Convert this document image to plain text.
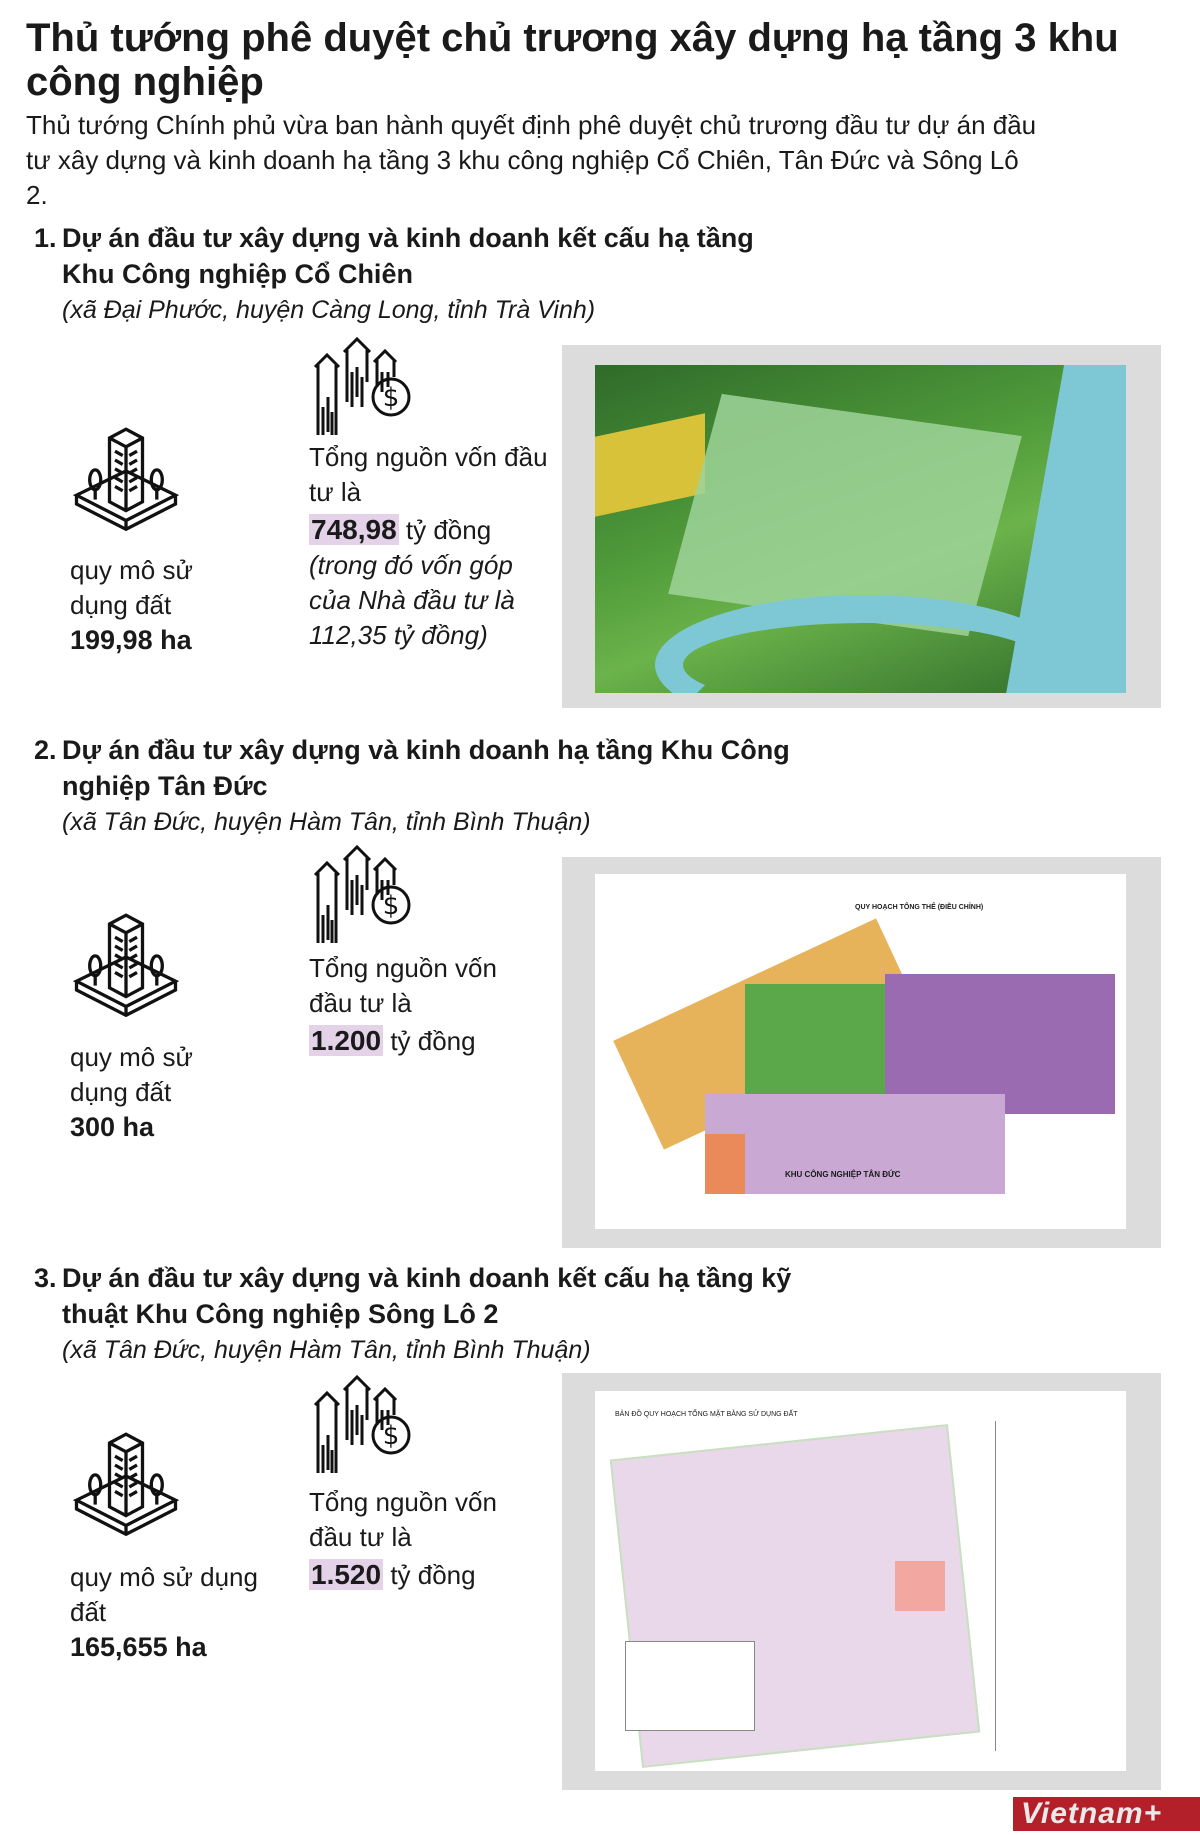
Thủ tướng phê duyệt chủ trương xây dựng hạ tầng 3 khu công nghiệp
Thủ tướng Chính phủ vừa ban hành quyết định phê duyệt chủ trương đầu tư dự án đầu tư xây dựng và kinh doanh hạ tầng 3 khu công nghiệp Cổ Chiên, Tân Đức và Sông Lô 2.
1. Dự án đầu tư xây dựng và kinh doanh kết cấu hạ tầng Khu Công nghiệp Cổ Chiên
(xã Đại Phước, huyện Càng Long, tỉnh Trà Vinh)
quy mô sử dụng đất
199,98 ha
Tổng nguồn vốn đầu tư là
748,98 tỷ đồng
(trong đó vốn góp của Nhà đầu tư là 112,35 tỷ đồng)
2. Dự án đầu tư xây dựng và kinh doanh hạ tầng Khu Công nghiệp Tân Đức
(xã Tân Đức, huyện Hàm Tân, tỉnh Bình Thuận)
quy mô sử dụng đất
300 ha
Tổng nguồn vốn đầu tư là
1.200 tỷ đồng
QUY HOẠCH TỔNG THỂ (ĐIỀU CHỈNH)
KHU CÔNG NGHIỆP TÂN ĐỨC
3. Dự án đầu tư xây dựng và kinh doanh kết cấu hạ tầng kỹ thuật Khu Công nghiệp Sông Lô 2
(xã Tân Đức, huyện Hàm Tân, tỉnh Bình Thuận)
quy mô sử dụng đất
165,655 ha
Tổng nguồn vốn đầu tư là
1.520 tỷ đồng
BẢN ĐỒ QUY HOẠCH TỔNG MẶT BẰNG SỬ DỤNG ĐẤT
Vietnam+
